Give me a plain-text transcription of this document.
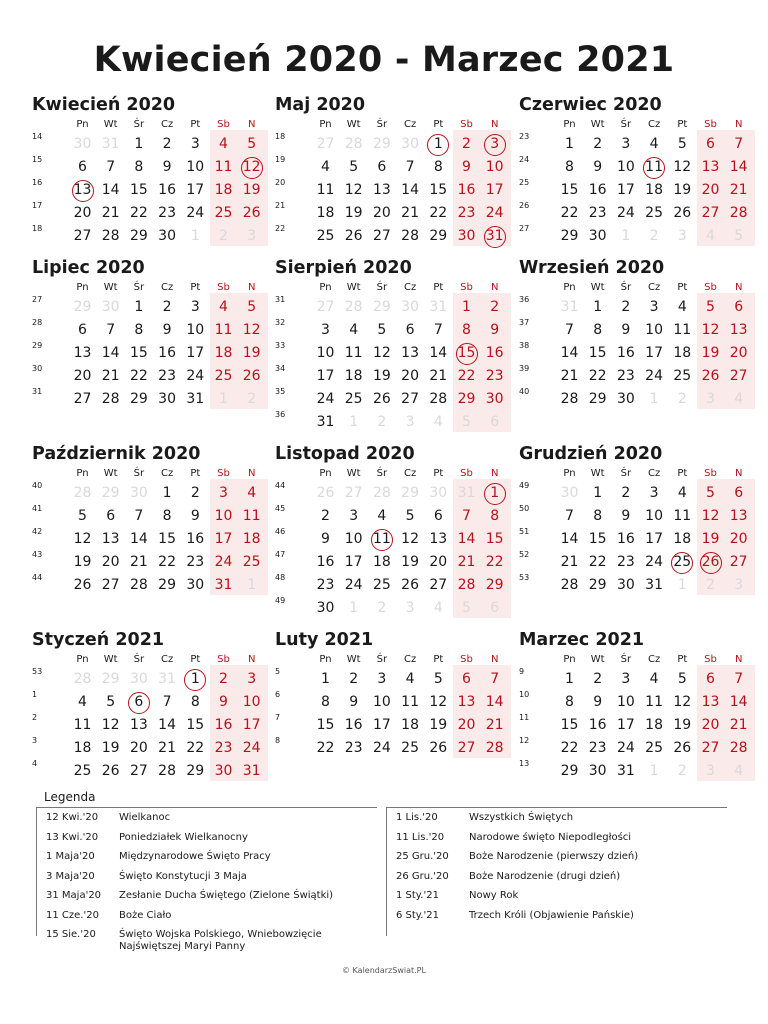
Kwiecień 2020 - Marzec 2021
Kwiecień 2020
Pn	Wt	Śr	Cz	Pt	Sb	N
14	30 31	1	2	3	4	5
15	6	7	8	9	10 11 12
16	13 14 15 16 17 18 19
17	20 21 22 23 24 25 26
18	27 28 29 30	1	2	3
Maj 2020
Pn	Wt	Śr	Cz	Pt	Sb	N
18	27 28 29 30	1	2	3
19	4	5	6	7	8	9	10
20	11 12 13 14 15 16 17
21	18 19 20 21 22 23 24
22	25 26 27 28 29 30 31
Czerwiec 2020
Pn	Wt	Śr	Cz	Pt	Sb	N
23	1	2	3	4	5	6	7
24	8	9	10 11 12 13 14
25	15 16 17 18 19 20 21
26	22 23 24 25 26 27 28
27	29 30	1	2	3	4	5
Lipiec 2020
Pn	Wt	Śr	Cz	Pt	Sb	N
27	29 30	1	2	3	4	5
28	6	7	8	9	10 11 12
29	13 14 15 16 17 18 19
30	20 21 22 23 24 25 26
31	27 28 29 30 31	1	2
Sierpień 2020
Pn	Wt	Śr	Cz	Pt	Sb	N
31	27 28 29 30 31	1	2
32	3	4	5	6	7	8	9
33	10 11 12 13 14 15 16
34	17 18 19 20 21 22 23
35	24 25 26 27 28 29 30
36	31	1	2	3	4	5	6
Wrzesień 2020
Pn	Wt	Śr	Cz	Pt	Sb	N
36	31	1	2	3	4	5	6
37	7	8	9	10 11 12 13
38	14 15 16 17 18 19 20
39	21 22 23 24 25 26 27
40	28 29 30	1	2	3	4
Październik 2020
Pn	Wt	Śr	Cz	Pt	Sb	N
40	28 29 30	1	2	3	4
41	5	6	7	8	9	10 11
42	12 13 14 15 16 17 18
43	19 20 21 22 23 24 25
44	26 27 28 29 30 31	1
Listopad 2020
Pn	Wt	Śr	Cz	Pt	Sb	N
44	26 27 28 29 30 31	1
45	2	3	4	5	6	7	8
46	9	10 11 12 13 14 15
47	16 17 18 19 20 21 22
48	23 24 25 26 27 28 29
49	30	1	2	3	4	5	6
Grudzień 2020
Pn	Wt	Śr	Cz	Pt	Sb	N
49	30	1	2	3	4	5	6
50	7	8	9	10 11 12 13
51	14 15 16 17 18 19 20
52	21 22 23 24 25 26 27
53	28 29 30 31	1	2	3
Styczeń 2021
Pn	Wt	Śr	Cz	Pt	Sb	N
53	28 29 30 31	1	2	3
1	4	5	6	7	8	9	10
2	11 12 13 14 15 16 17
3	18 19 20 21 22 23 24
4	25 26 27 28 29 30 31
Luty 2021
Pn	Wt	Śr	Cz	Pt	Sb	N
5	1	2	3	4	5	6	7
6	8	9	10 11 12 13 14
7	15 16 17 18 19 20 21
8	22 23 24 25 26 27 28
Marzec 2021
Pn	Wt	Śr	Cz	Pt	Sb	N
9	1	2	3	4	5	6	7
10	8	9	10 11 12 13 14
11	15 16 17 18 19 20 21
12	22 23 24 25 26 27 28
13	29 30 31	1	2	3	4
Legenda
12 Kwi.'20	Wielkanoc
13 Kwi.'20	Poniedziałek Wielkanocny
1 Maja'20	Międzynarodowe Święto Pracy
3 Maja'20	Święto Konstytucji 3 Maja
31 Maja'20	Zesłanie Ducha Świętego (Zielone Świątki)
11 Cze.'20	Boże Ciało
15 Sie.'20	Święto Wojska Polskiego, Wniebowzięcie Najświętszej Maryi Panny
1 Lis.'20	Wszystkich Świętych
11 Lis.'20	Narodowe święto Niepodległości
25 Gru.'20	Boże Narodzenie (pierwszy dzień)
26 Gru.'20	Boże Narodzenie (drugi dzień)
1 Sty.'21	Nowy Rok
6 Sty.'21	Trzech Króli (Objawienie Pańskie)
© KalendarzSwiat.PL
